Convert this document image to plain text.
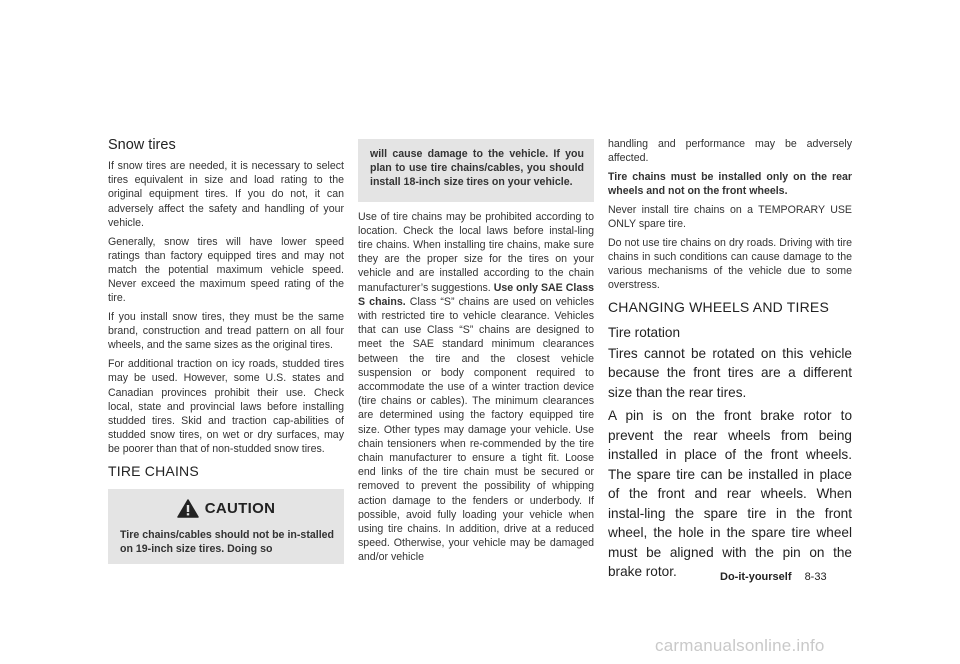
Snow tires

If snow tires are needed, it is necessary to select tires equivalent in size and load rating to the original equipment tires. If you do not, it can adversely affect the safety and handling of your vehicle.

Generally, snow tires will have lower speed ratings than factory equipped tires and may not match the potential maximum vehicle speed. Never exceed the maximum speed rating of the tire.

If you install snow tires, they must be the same brand, construction and tread pattern on all four wheels, and the same sizes as the original tires.

For additional traction on icy roads, studded tires may be used. However, some U.S. states and Canadian provinces prohibit their use. Check local, state and provincial laws before installing studded tires. Skid and traction cap-abilities of studded snow tires, on wet or dry surfaces, may be poorer than that of non-studded snow tires.

TIRE CHAINS
CAUTION
Tire chains/cables should not be in-stalled on 19-inch size tires. Doing so

will cause damage to the vehicle. If you plan to use tire chains/cables, you should install 18-inch size tires on your vehicle.

Use of tire chains may be prohibited according to location. Check the local laws before instal-ling tire chains. When installing tire chains, make sure they are the proper size for the tires on your vehicle and are installed according to the chain manufacturer’s suggestions. Use only SAE Class S chains. Class “S” chains are used on vehicles with restricted tire to vehicle clearance. Vehicles that can use Class “S” chains are designed to meet the SAE standard minimum clearances between the tire and the closest vehicle suspension or body component required to accommodate the use of a winter traction device (tire chains or cables). The minimum clearances are determined using the factory equipped tire size. Other types may damage your vehicle. Use chain tensioners when re-commended by the tire chain manufacturer to ensure a tight fit. Loose end links of the tire chain must be secured or removed to prevent the possibility of whipping action damage to the fenders or underbody. If possible, avoid fully loading your vehicle when using tire chains. In addition, drive at a reduced speed. Otherwise, your vehicle may be damaged and/or vehicle

handling and performance may be adversely affected.

Tire chains must be installed only on the rear wheels and not on the front wheels.

Never install tire chains on a TEMPORARY USE ONLY spare tire.

Do not use tire chains on dry roads. Driving with tire chains in such conditions can cause damage to the various mechanisms of the vehicle due to some overstress.

CHANGING WHEELS AND TIRES
Tire rotation

Tires cannot be rotated on this vehicle because the front tires are a different size than the rear tires.

A pin is on the front brake rotor to prevent the rear wheels from being installed in place of the front wheels. The spare tire can be installed in place of the front and rear wheels. When instal-ling the spare tire in the front wheel, the hole in the spare tire wheel must be aligned with the pin on the brake rotor.	Do-it-yourself 8-33
carmanualsonline.info
